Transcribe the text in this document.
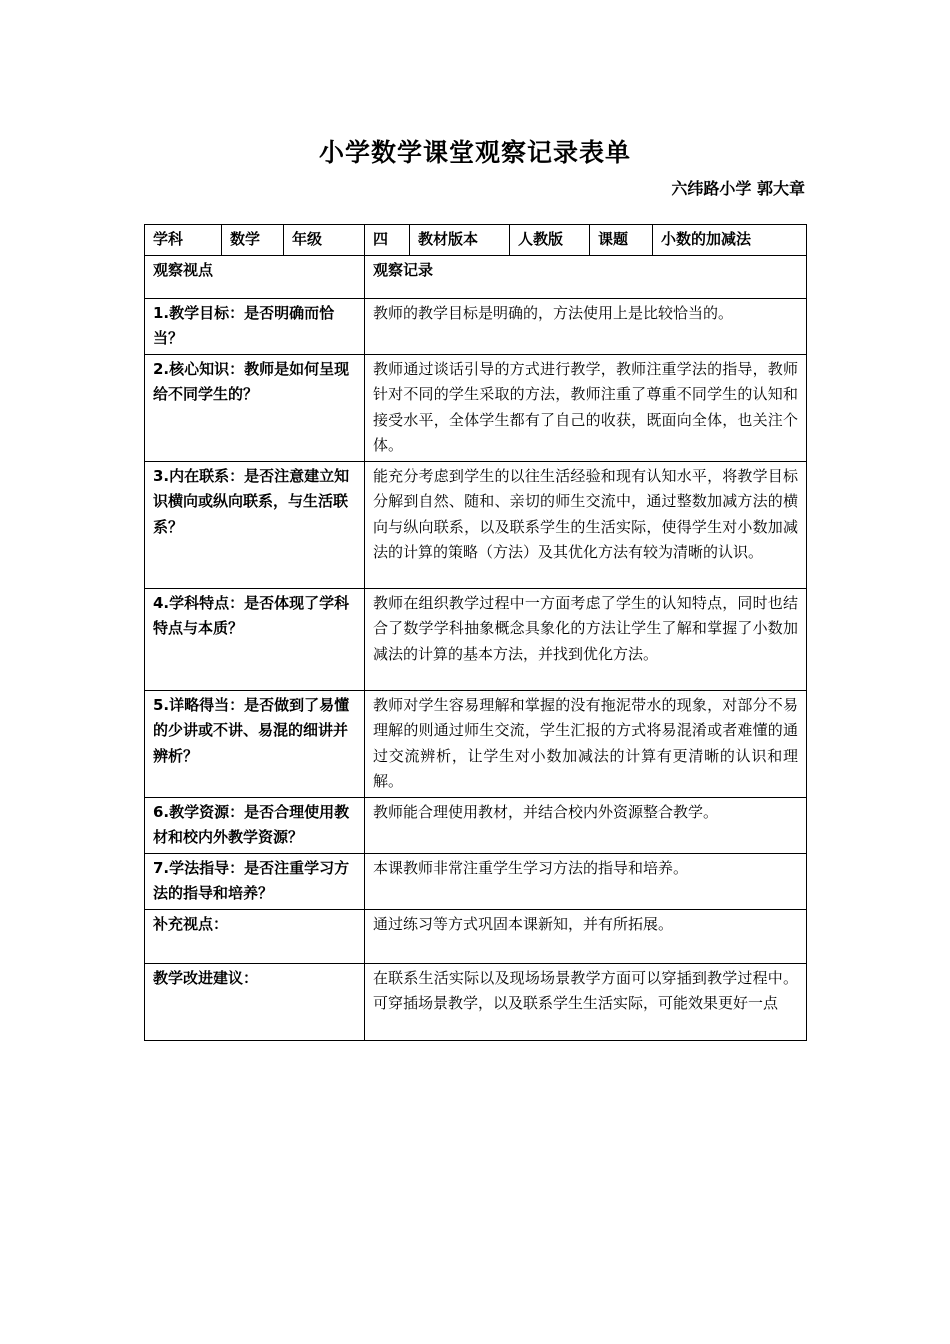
小学数学课堂观察记录表单
六纬路小学 郭大章
学科	数学	年级	四	教材版本	人教版	课题	小数的加减法
观察视点			观察记录				
1.教学目标：是否明确而恰当？			教师的教学目标是明确的，方法使用上是比较恰当的。				
2.核心知识：教师是如何呈现给不同学生的？			教师通过谈话引导的方式进行教学，教师注重学法的指导，教师针对不同的学生采取的方法，教师注重了尊重不同学生的认知和接受水平，全体学生都有了自己的收获，既面向全体，也关注个体。				
3.内在联系：是否注意建立知识横向或纵向联系，与生活联系？			能充分考虑到学生的以往生活经验和现有认知水平，将教学目标分解到自然、随和、亲切的师生交流中，通过整数加减方法的横向与纵向联系，以及联系学生的生活实际，使得学生对小数加减法的计算的策略（方法）及其优化方法有较为清晰的认识。				
4.学科特点：是否体现了学科特点与本质？			教师在组织教学过程中一方面考虑了学生的认知特点，同时也结合了数学学科抽象概念具象化的方法让学生了解和掌握了小数加减法的计算的基本方法，并找到优化方法。				
5.详略得当：是否做到了易懂的少讲或不讲、易混的细讲并辨析？			教师对学生容易理解和掌握的没有拖泥带水的现象，对部分不易理解的则通过师生交流，学生汇报的方式将易混淆或者难懂的通过交流辨析，让学生对小数加减法的计算有更清晰的认识和理解。				
6.教学资源：是否合理使用教材和校内外教学资源？			教师能合理使用教材，并结合校内外资源整合教学。				
7.学法指导：是否注重学习方法的指导和培养？			本课教师非常注重学生学习方法的指导和培养。				
补充视点：			通过练习等方式巩固本课新知，并有所拓展。				
教学改进建议：			在联系生活实际以及现场场景教学方面可以穿插到教学过程中。可穿插场景教学，以及联系学生生活实际，可能效果更好一点				
